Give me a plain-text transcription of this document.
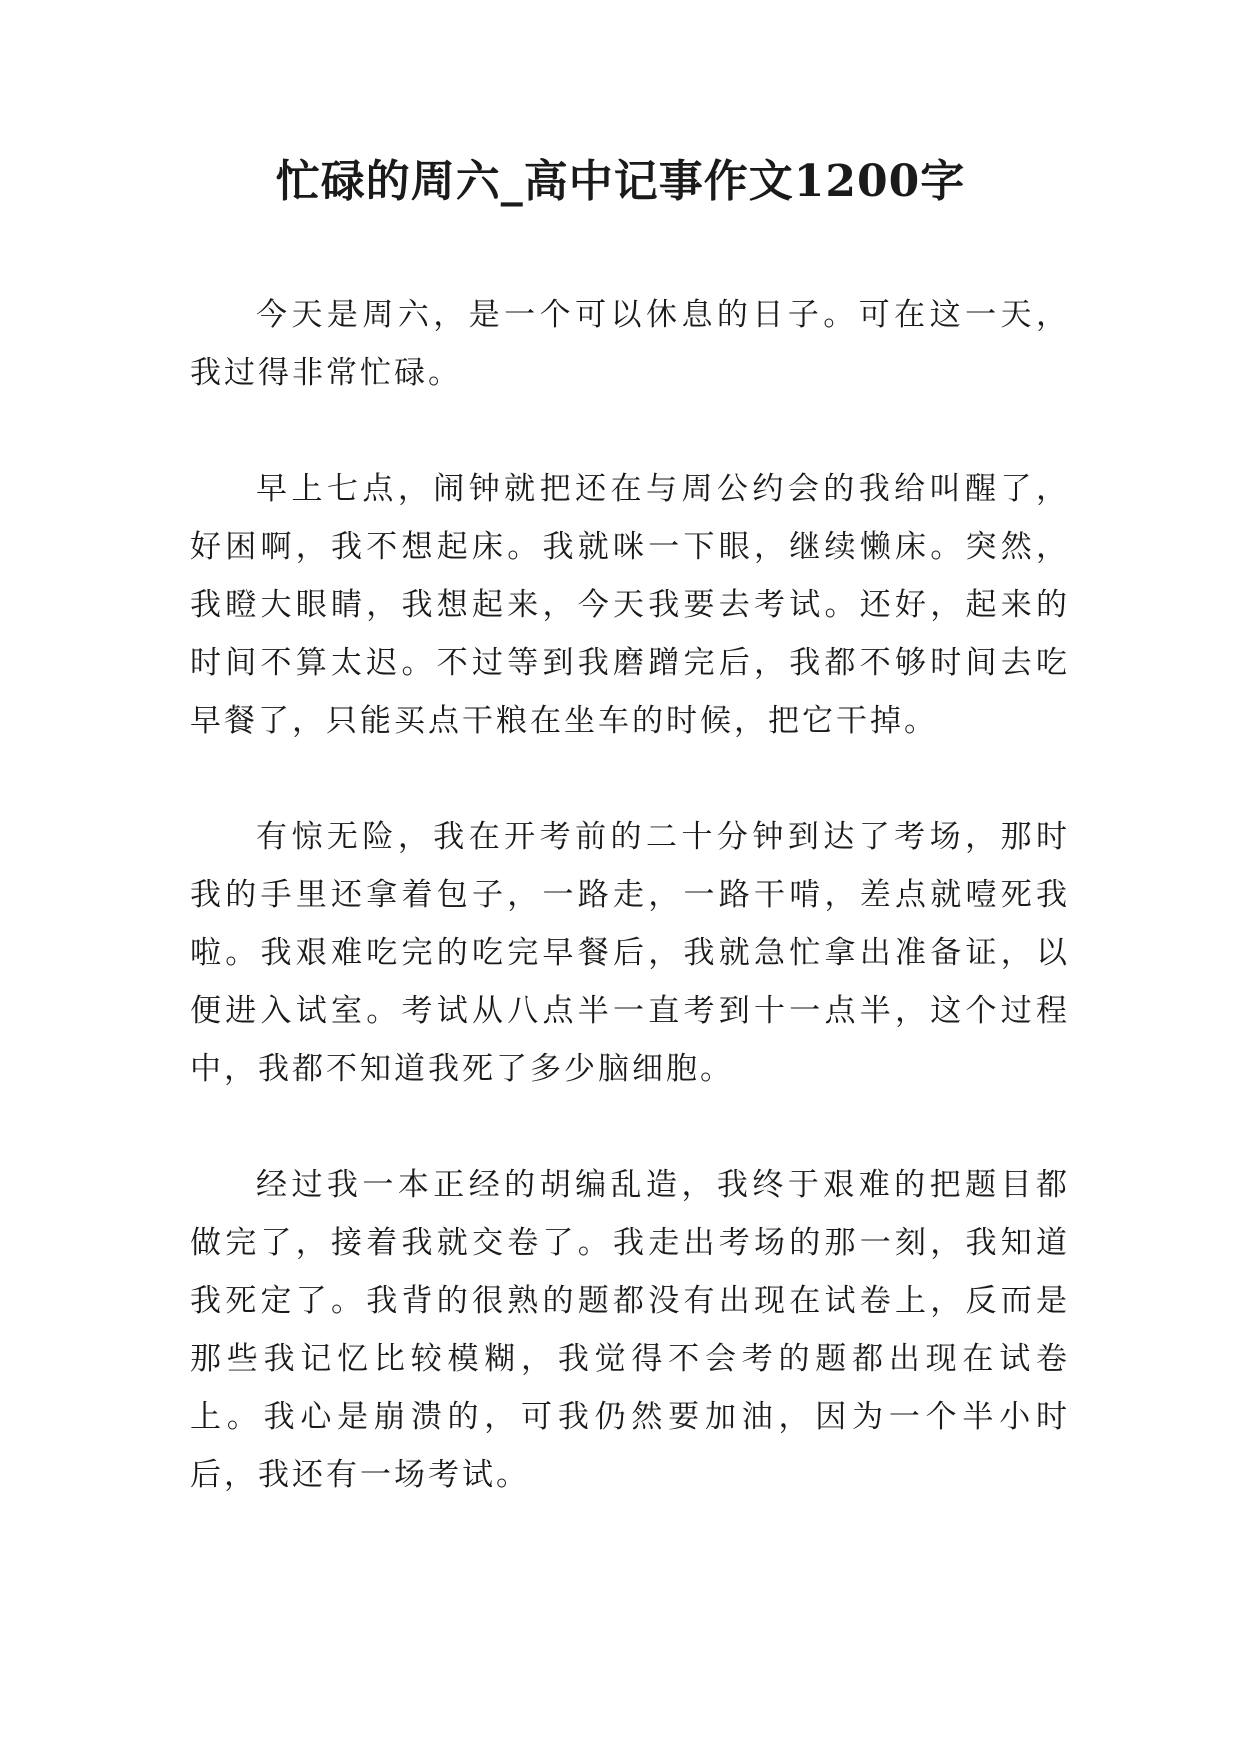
忙碌的周六_高中记事作文1200字

今天是周六，是一个可以休息的日子。可在这一天，我过得非常忙碌。

早上七点，闹钟就把还在与周公约会的我给叫醒了，好困啊，我不想起床。我就咪一下眼，继续懒床。突然，我瞪大眼睛，我想起来，今天我要去考试。还好，起来的时间不算太迟。不过等到我磨蹭完后，我都不够时间去吃早餐了，只能买点干粮在坐车的时候，把它干掉。

有惊无险，我在开考前的二十分钟到达了考场，那时我的手里还拿着包子，一路走，一路干啃，差点就噎死我啦。我艰难吃完的吃完早餐后，我就急忙拿出准备证，以便进入试室。考试从八点半一直考到十一点半，这个过程中，我都不知道我死了多少脑细胞。

经过我一本正经的胡编乱造，我终于艰难的把题目都做完了，接着我就交卷了。我走出考场的那一刻，我知道我死定了。我背的很熟的题都没有出现在试卷上，反而是那些我记忆比较模糊，我觉得不会考的题都出现在试卷上。我心是崩溃的，可我仍然要加油，因为一个半小时后，我还有一场考试。
